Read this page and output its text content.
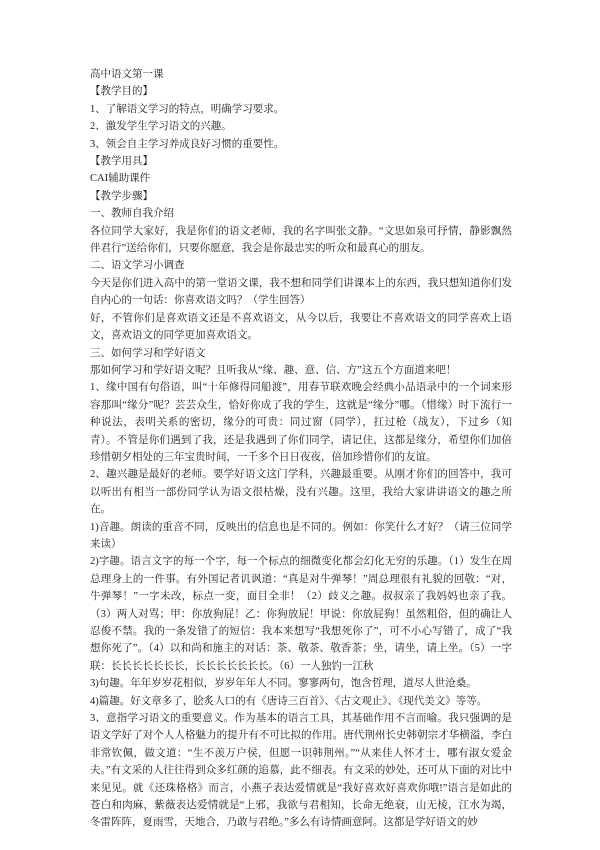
高中语文第一课

【教学目的】

1、了解语文学习的特点，明确学习要求。

2、激发学生学习语文的兴趣。

3、领会自主学习养成良好习惯的重要性。

【教学用具】

CAI辅助课件

【教学步骤】

一、教师自我介绍

各位同学大家好，我是你们的语文老师，我的名字叫张文静。“文思如泉可抒情，静影飘然伴君行”送给你们，只要你愿意，我会是你最忠实的听众和最真心的朋友。

二、语文学习小调查

今天是你们进入高中的第一堂语文课，我不想和同学们讲课本上的东西，我只想知道你们发自内心的一句话：你喜欢语文吗？（学生回答）

好，不管你们是喜欢语文还是不喜欢语文，从今以后，我要让不喜欢语文的同学喜欢上语文，喜欢语文的同学更加喜欢语文。

三、如何学习和学好语文

那如何学习和学好语文呢？且听我从“缘、趣、意、信、方”这五个方面道来吧！

1、缘中国有句俗语，叫“十年修得同船渡”，用春节联欢晚会经典小品语录中的一个词来形容那叫“缘分”呢？芸芸众生，恰好你成了我的学生，这就是“缘分”哪。（惜缘）时下流行一种说法，表明关系的密切，缘分的可贵：同过窗（同学），扛过枪（战友），下过乡（知青）。不管是你们遇到了我，还是我遇到了你们同学，请记住，这都是缘分，希望你们加倍珍惜朝夕相处的三年宝贵时间，一千多个日日夜夜，倍加珍惜你们的友谊。

2、趣兴趣是最好的老师。要学好语文这门学科，兴趣最重要。从刚才你们的回答中，我可以听出有相当一部份同学认为语文很枯燥，没有兴趣。这里，我给大家讲讲语文的趣之所在。

1)音趣。朗读的重音不同，反映出的信息也是不同的。例如：你笑什么才好？（请三位同学来读）

2)字趣。语言文字的每一个字，每一个标点的细微变化都会幻化无穷的乐趣。（1）发生在周总理身上的一件事。有外国记者讥讽道：“真是对牛弹琴！”周总理很有礼貌的回敬：“对，牛弹琴！”一字未改，标点一变，面目全非！（2）歧义之趣。叔叔亲了我妈妈也亲了我。（3）两人对骂；甲：你放狗屁！乙：你狗放屁！甲说：你放屁狗！虽然粗俗，但的确让人忍俊不禁。我的一条发错了的短信：我本来想写“我想死你了”，可不小心写错了，成了“我想你死了”。（4）以和尚和施主的对话：茶、敬茶、敬香茶；坐，请坐，请上坐。（5）一字联：长长长长长长长，长长长长长长长。（6）一人独钓一江秋

3)句趣。年年岁岁花相似，岁岁年年人不同。寥寥两句，饱含哲理，道尽人世沧桑。

4)篇趣。好文章多了，脍炙人口的有《唐诗三百首》、《古文观止》、《现代美文》等等。

3、意指学习语文的重要意义。作为基本的语言工具，其基础作用不言而喻。我只强调的是语文学好了对个人人格魅力的提升有不可比拟的作用。唐代荆州长史韩朝宗才华横溢，李白非常钦佩，做文道：“生不羡万户侯，但愿一识韩荆州。”“从来佳人怀才士，哪有淑女爱金夫。”有文采的人往往得到众多红颜的追慕，此不细表。有文采的妙处，还可从下面的对比中来见见。就《还珠格格》而言，小燕子表达爱情就是“我好喜欢好喜欢你哦!”语言是如此的苍白和肉麻，紫薇表达爱情就是“上邪，我欲与君相知，长命无绝衰，山无棱，江水为竭，冬雷阵阵，夏雨雪，天地合，乃敢与君绝。”多么有诗情画意阿。这都是学好语文的妙
